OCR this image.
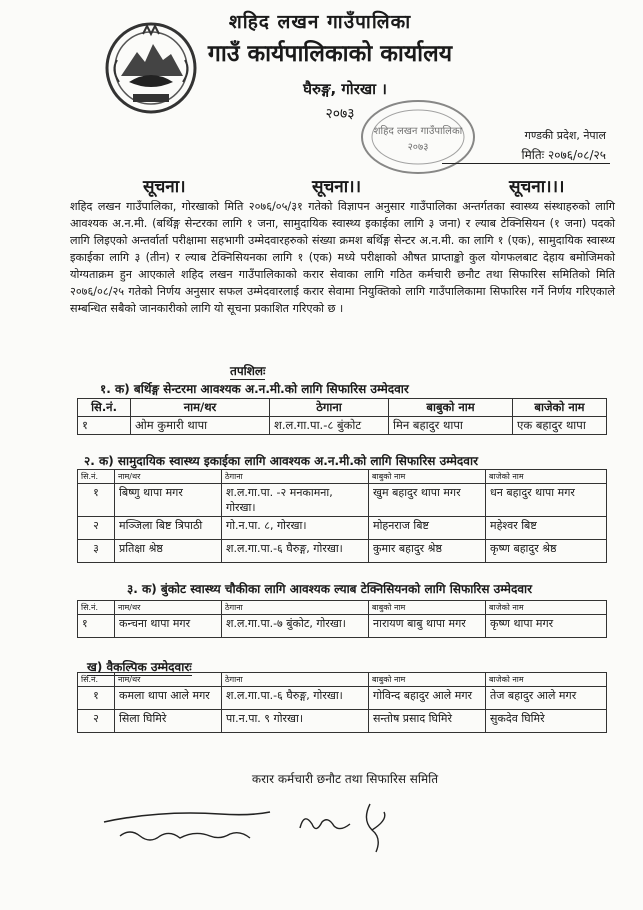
शहिद लखन गाउँपालिका
गाउँ कार्यपालिकाको कार्यालय
घैरुङ्ग, गोरखा ।
२०७३
शहिद लखन गाउँपालिका
२०७३
गण्डकी प्रदेश, नेपाल
मितिः २०७६/०८/२५
सूचना।	सूचना।।	सूचना।।।
शहिद लखन गाउँपालिका, गोरखाको मिति २०७६/०५/३१ गतेको विज्ञापन अनुसार गाउँपालिका अन्तर्गतका स्वास्थ्य संस्थाहरुको लागि आवश्यक अ.न.मी. (बर्थिङ्ग सेन्टरका लागि १ जना, सामुदायिक स्वास्थ्य इकाईका लागि ३ जना) र ल्याब टेक्निसियन (१ जना) पदको लागि लिइएको अन्तर्वार्ता परीक्षामा सहभागी उम्मेदवारहरुको संख्या क्रमश बर्थिङ्ग सेन्टर अ.न.मी. का लागि १ (एक), सामुदायिक स्वास्थ्य इकाईका लागि ३ (तीन) र ल्याब टेक्निसियनका लागि १ (एक) मध्ये परीक्षाको औषत प्राप्ताङ्को कुल योगफलबाट देहाय बमोजिमको योग्यताक्रम हुन आएकाले शहिद लखन गाउँपालिकाको करार सेवाका लागि गठित कर्मचारी छनौट तथा सिफारिस समितिको मिति २०७६/०८/२५ गतेको निर्णय अनुसार सफल उम्मेदवारलाई करार सेवामा नियुक्तिको लागि गाउँपालिकामा सिफारिस गर्ने निर्णय गरिएकाले सम्बन्धित सबैको जानकारीको लागि यो सूचना प्रकाशित गरिएको छ ।
तपशिलः
१. क) बर्थिङ्ग सेन्टरमा आवश्यक अ.न.मी.को लागि सिफारिस उम्मेदवार
सि.नं.	नाम/थर	ठेगाना	बाबुको नाम	बाजेको नाम
१	ओम कुमारी थापा	श.ल.गा.पा.-८ बुंकोट	मिन बहादुर थापा	एक बहादुर थापा
२. क) सामुदायिक स्वास्थ्य इकाईका लागि आवश्यक अ.न.मी.को लागि सिफारिस उम्मेदवार
सि.नं.	नाम/थर	ठेगाना	बाबुको नाम	बाजेको नाम
१	बिष्णु थापा मगर	श.ल.गा.पा. -२ मनकामना, गोरखा।	खुम बहादुर थापा मगर	धन बहादुर थापा मगर
२	मञ्जिला बिष्ट त्रिपाठी	गो.न.पा. ८, गोरखा।	मोहनराज बिष्ट	महेश्वर बिष्ट
३	प्रतिक्षा श्रेष्ठ	श.ल.गा.पा.-६ घैरुङ्ग, गोरखा।	कुमार बहादुर श्रेष्ठ	कृष्ण बहादुर श्रेष्ठ
३. क) बुंकोट स्वास्थ्य चौकीका लागि आवश्यक ल्याब टेक्निसियनको लागि सिफारिस उम्मेदवार
सि.नं.	नाम/थर	ठेगाना	बाबुको नाम	बाजेको नाम
१	कन्चना थापा मगर	श.ल.गा.पा.-७ बुंकोट, गोरखा।	नारायण बाबु थापा मगर	कृष्ण थापा मगर
ख) वैकल्पिक उम्मेदवारः
सि.नं.	नाम/थर	ठेगाना	बाबुको नाम	बाजेको नाम
१	कमला थापा आले मगर	श.ल.गा.पा.-६ घैरुङ्ग, गोरखा।	गोविन्द बहादुर आले मगर	तेज बहादुर आले मगर
२	सिला घिमिरे	पा.न.पा. ९ गोरखा।	सन्तोष प्रसाद घिमिरे	सुकदेव घिमिरे
करार कर्मचारी छनौट तथा सिफारिस समिति
